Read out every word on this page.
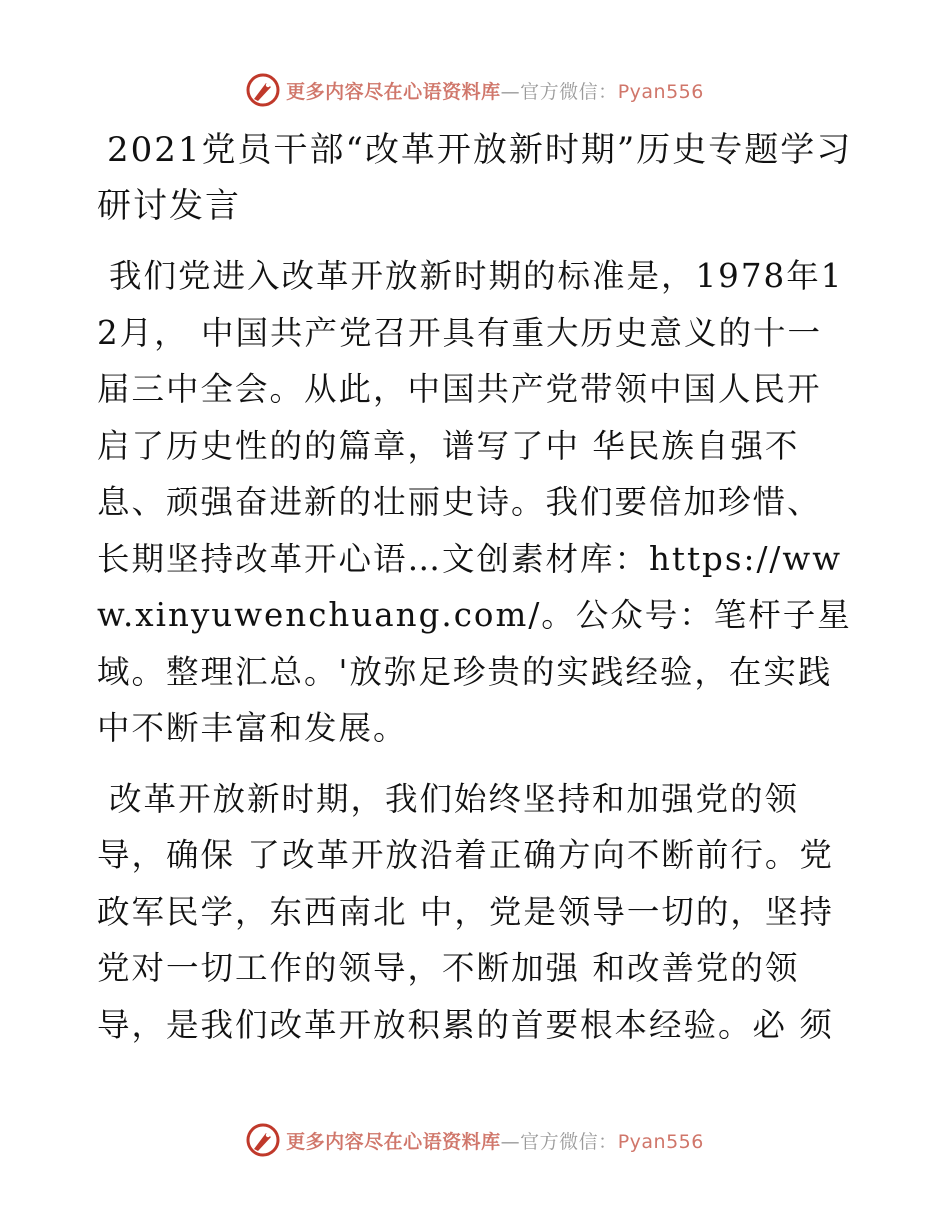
更多内容尽在心语资料库—官方微信：Pyan556
2021党员干部“改革开放新时期”历史专题学习研讨发言

我们党进入改革开放新时期的标准是，1978年12月， 中国共产党召开具有重大历史意义的十一届三中全会。从此，中国共产党带领中国人民开启了历史性的的篇章，谱写了中 华民族自强不息、顽强奋进新的壮丽史诗。我们要倍加珍惜、 长期坚持改革开心语…文创素材库：https://www.xinyuwenchuang.com/。公众号：笔杆子星域。整理汇总。'放弥足珍贵的实践经验，在实践中不断丰富和发展。

改革开放新时期，我们始终坚持和加强党的领导，确保 了改革开放沿着正确方向不断前行。党政军民学，东西南北 中，党是领导一切的，坚持党对一切工作的领导，不断加强 和改善党的领导，是我们改革开放积累的首要根本经验。必 须

更多内容尽在心语资料库—官方微信：Pyan556
